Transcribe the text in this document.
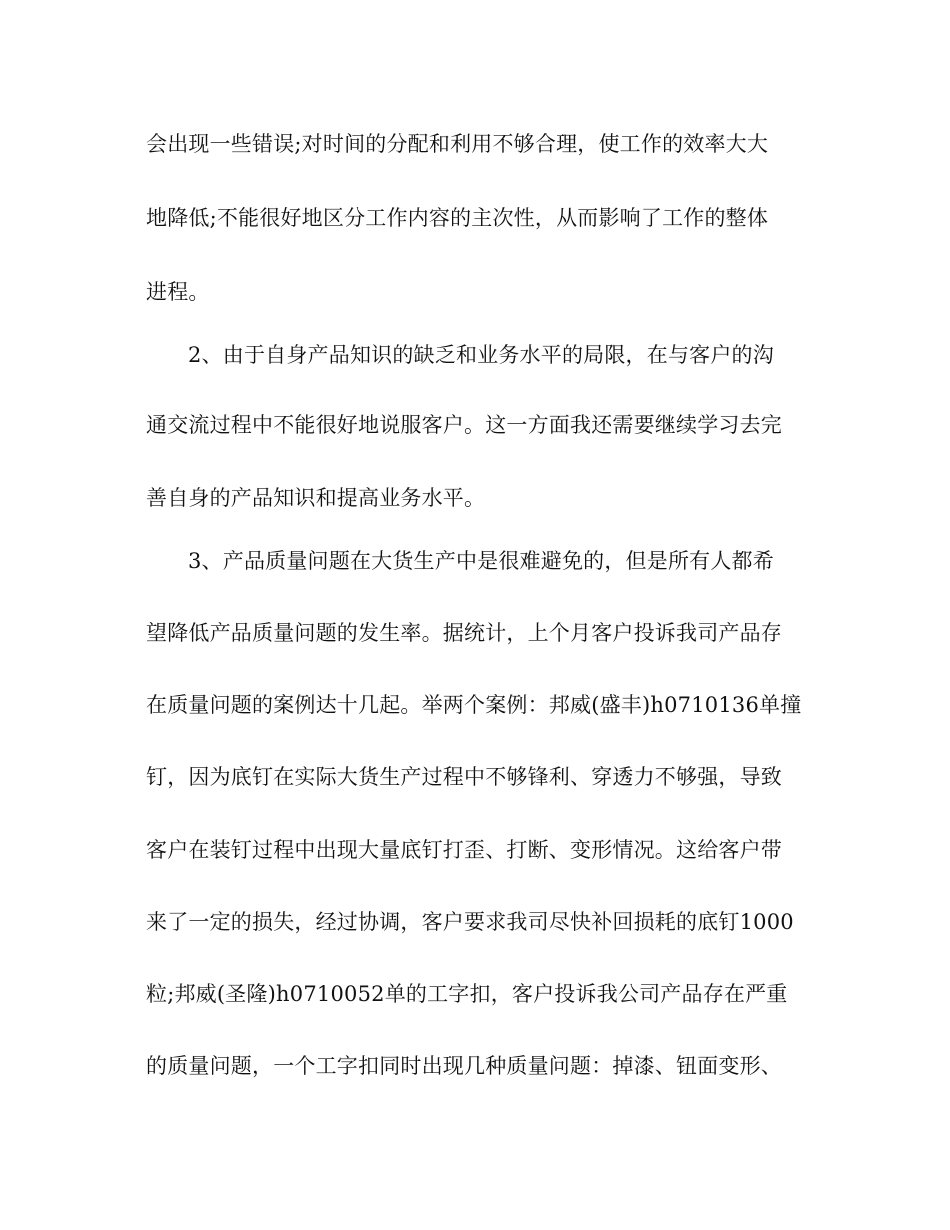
会出现一些错误;对时间的分配和利用不够合理，使工作的效率大大
地降低;不能很好地区分工作内容的主次性，从而影响了工作的整体
进程。
2、由于自身产品知识的缺乏和业务水平的局限，在与客户的沟
通交流过程中不能很好地说服客户。这一方面我还需要继续学习去完
善自身的产品知识和提高业务水平。
3、产品质量问题在大货生产中是很难避免的，但是所有人都希
望降低产品质量问题的发生率。据统计，上个月客户投诉我司产品存
在质量问题的案例达十几起。举两个案例：邦威(盛丰)h0710136单撞
钉，因为底钉在实际大货生产过程中不够锋利、穿透力不够强，导致
客户在装钉过程中出现大量底钉打歪、打断、变形情况。这给客户带
来了一定的损失，经过协调，客户要求我司尽快补回损耗的底钉1000
粒;邦威(圣隆)h0710052单的工字扣，客户投诉我公司产品存在严重
的质量问题，一个工字扣同时出现几种质量问题：掉漆、钮面变形、
